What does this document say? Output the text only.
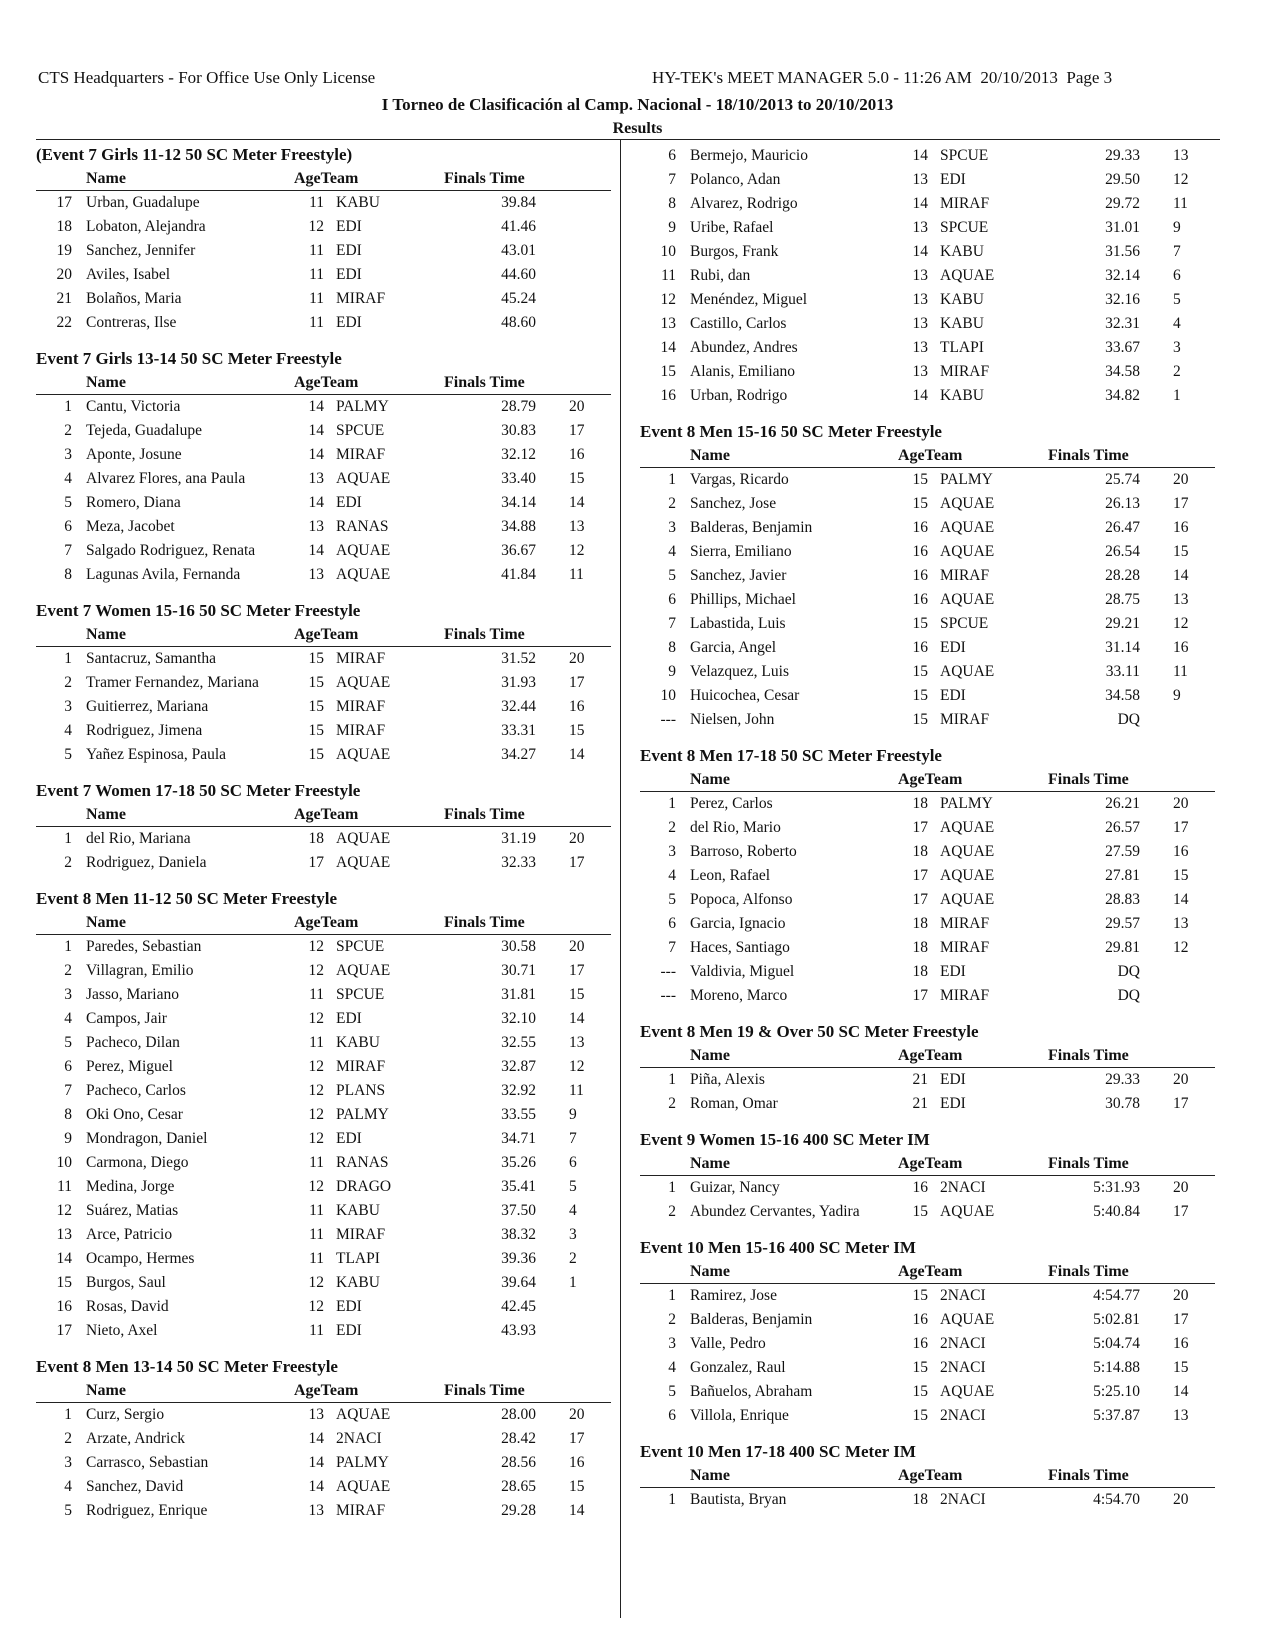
CTS Headquarters - For Office Use Only License	HY-TEK's MEET MANAGER 5.0 - 11:26 AM  20/10/2013  Page 3
I Torneo de Clasificación al Camp. Nacional - 18/10/2013 to 20/10/2013
Results
(Event 7 Girls 11-12 50 SC Meter Freestyle)
Name	AgeTeam	Finals Time
17 Urban, Guadalupe	11 KABU	39.84
18 Lobaton, Alejandra	12 EDI	41.46
19 Sanchez, Jennifer	11 EDI	43.01
20 Aviles, Isabel	11 EDI	44.60
21 Bolaños, Maria	11 MIRAF	45.24
22 Contreras, Ilse	11 EDI	48.60
Event 7 Girls 13-14 50 SC Meter Freestyle
Name	AgeTeam	Finals Time
1 Cantu, Victoria	14 PALMY	28.79 20
2 Tejeda, Guadalupe	14 SPCUE	30.83 17
3 Aponte, Josune	14 MIRAF	32.12 16
4 Alvarez Flores, ana Paula	13 AQUAE	33.40 15
5 Romero, Diana	14 EDI	34.14 14
6 Meza, Jacobet	13 RANAS	34.88 13
7 Salgado Rodriguez, Renata	14 AQUAE	36.67 12
8 Lagunas Avila, Fernanda	13 AQUAE	41.84 11
Event 7 Women 15-16 50 SC Meter Freestyle
Name	AgeTeam	Finals Time
1 Santacruz, Samantha	15 MIRAF	31.52 20
2 Tramer Fernandez, Mariana	15 AQUAE	31.93 17
3 Guitierrez, Mariana	15 MIRAF	32.44 16
4 Rodriguez, Jimena	15 MIRAF	33.31 15
5 Yañez Espinosa, Paula	15 AQUAE	34.27 14
Event 7 Women 17-18 50 SC Meter Freestyle
Name	AgeTeam	Finals Time
1 del Rio, Mariana	18 AQUAE	31.19 20
2 Rodriguez, Daniela	17 AQUAE	32.33 17
Event 8 Men 11-12 50 SC Meter Freestyle
Name	AgeTeam	Finals Time
1 Paredes, Sebastian	12 SPCUE	30.58 20
2 Villagran, Emilio	12 AQUAE	30.71 17
3 Jasso, Mariano	11 SPCUE	31.81 15
4 Campos, Jair	12 EDI	32.10 14
5 Pacheco, Dilan	11 KABU	32.55 13
6 Perez, Miguel	12 MIRAF	32.87 12
7 Pacheco, Carlos	12 PLANS	32.92 11
8 Oki Ono, Cesar	12 PALMY	33.55 9
9 Mondragon, Daniel	12 EDI	34.71 7
10 Carmona, Diego	11 RANAS	35.26 6
11 Medina, Jorge	12 DRAGO	35.41 5
12 Suárez, Matias	11 KABU	37.50 4
13 Arce, Patricio	11 MIRAF	38.32 3
14 Ocampo, Hermes	11 TLAPI	39.36 2
15 Burgos, Saul	12 KABU	39.64 1
16 Rosas, David	12 EDI	42.45
17 Nieto, Axel	11 EDI	43.93
Event 8 Men 13-14 50 SC Meter Freestyle
Name	AgeTeam	Finals Time
1 Curz, Sergio	13 AQUAE	28.00 20
2 Arzate, Andrick	14 2NACI	28.42 17
3 Carrasco, Sebastian	14 PALMY	28.56 16
4 Sanchez, David	14 AQUAE	28.65 15
5 Rodriguez, Enrique	13 MIRAF	29.28 14
6 Bermejo, Mauricio	14 SPCUE	29.33 13
7 Polanco, Adan	13 EDI	29.50 12
8 Alvarez, Rodrigo	14 MIRAF	29.72 11
9 Uribe, Rafael	13 SPCUE	31.01 9
10 Burgos, Frank	14 KABU	31.56 7
11 Rubi, dan	13 AQUAE	32.14 6
12 Menéndez, Miguel	13 KABU	32.16 5
13 Castillo, Carlos	13 KABU	32.31 4
14 Abundez, Andres	13 TLAPI	33.67 3
15 Alanis, Emiliano	13 MIRAF	34.58 2
16 Urban, Rodrigo	14 KABU	34.82 1
Event 8 Men 15-16 50 SC Meter Freestyle
Name	AgeTeam	Finals Time
1 Vargas, Ricardo	15 PALMY	25.74 20
2 Sanchez, Jose	15 AQUAE	26.13 17
3 Balderas, Benjamin	16 AQUAE	26.47 16
4 Sierra, Emiliano	16 AQUAE	26.54 15
5 Sanchez, Javier	16 MIRAF	28.28 14
6 Phillips, Michael	16 AQUAE	28.75 13
7 Labastida, Luis	15 SPCUE	29.21 12
8 Garcia, Angel	16 EDI	31.14 16
9 Velazquez, Luis	15 AQUAE	33.11 11
10 Huicochea, Cesar	15 EDI	34.58 9
--- Nielsen, John	15 MIRAF	DQ
Event 8 Men 17-18 50 SC Meter Freestyle
Name	AgeTeam	Finals Time
1 Perez, Carlos	18 PALMY	26.21 20
2 del Rio, Mario	17 AQUAE	26.57 17
3 Barroso, Roberto	18 AQUAE	27.59 16
4 Leon, Rafael	17 AQUAE	27.81 15
5 Popoca, Alfonso	17 AQUAE	28.83 14
6 Garcia, Ignacio	18 MIRAF	29.57 13
7 Haces, Santiago	18 MIRAF	29.81 12
--- Valdivia, Miguel	18 EDI	DQ
--- Moreno, Marco	17 MIRAF	DQ
Event 8 Men 19 & Over 50 SC Meter Freestyle
Name	AgeTeam	Finals Time
1 Piña, Alexis	21 EDI	29.33 20
2 Roman, Omar	21 EDI	30.78 17
Event 9 Women 15-16 400 SC Meter IM
Name	AgeTeam	Finals Time
1 Guizar, Nancy	16 2NACI	5:31.93 20
2 Abundez Cervantes, Yadira	15 AQUAE	5:40.84 17
Event 10 Men 15-16 400 SC Meter IM
Name	AgeTeam	Finals Time
1 Ramirez, Jose	15 2NACI	4:54.77 20
2 Balderas, Benjamin	16 AQUAE	5:02.81 17
3 Valle, Pedro	16 2NACI	5:04.74 16
4 Gonzalez, Raul	15 2NACI	5:14.88 15
5 Bañuelos, Abraham	15 AQUAE	5:25.10 14
6 Villola, Enrique	15 2NACI	5:37.87 13
Event 10 Men 17-18 400 SC Meter IM
Name	AgeTeam	Finals Time
1 Bautista, Bryan	18 2NACI	4:54.70 20
